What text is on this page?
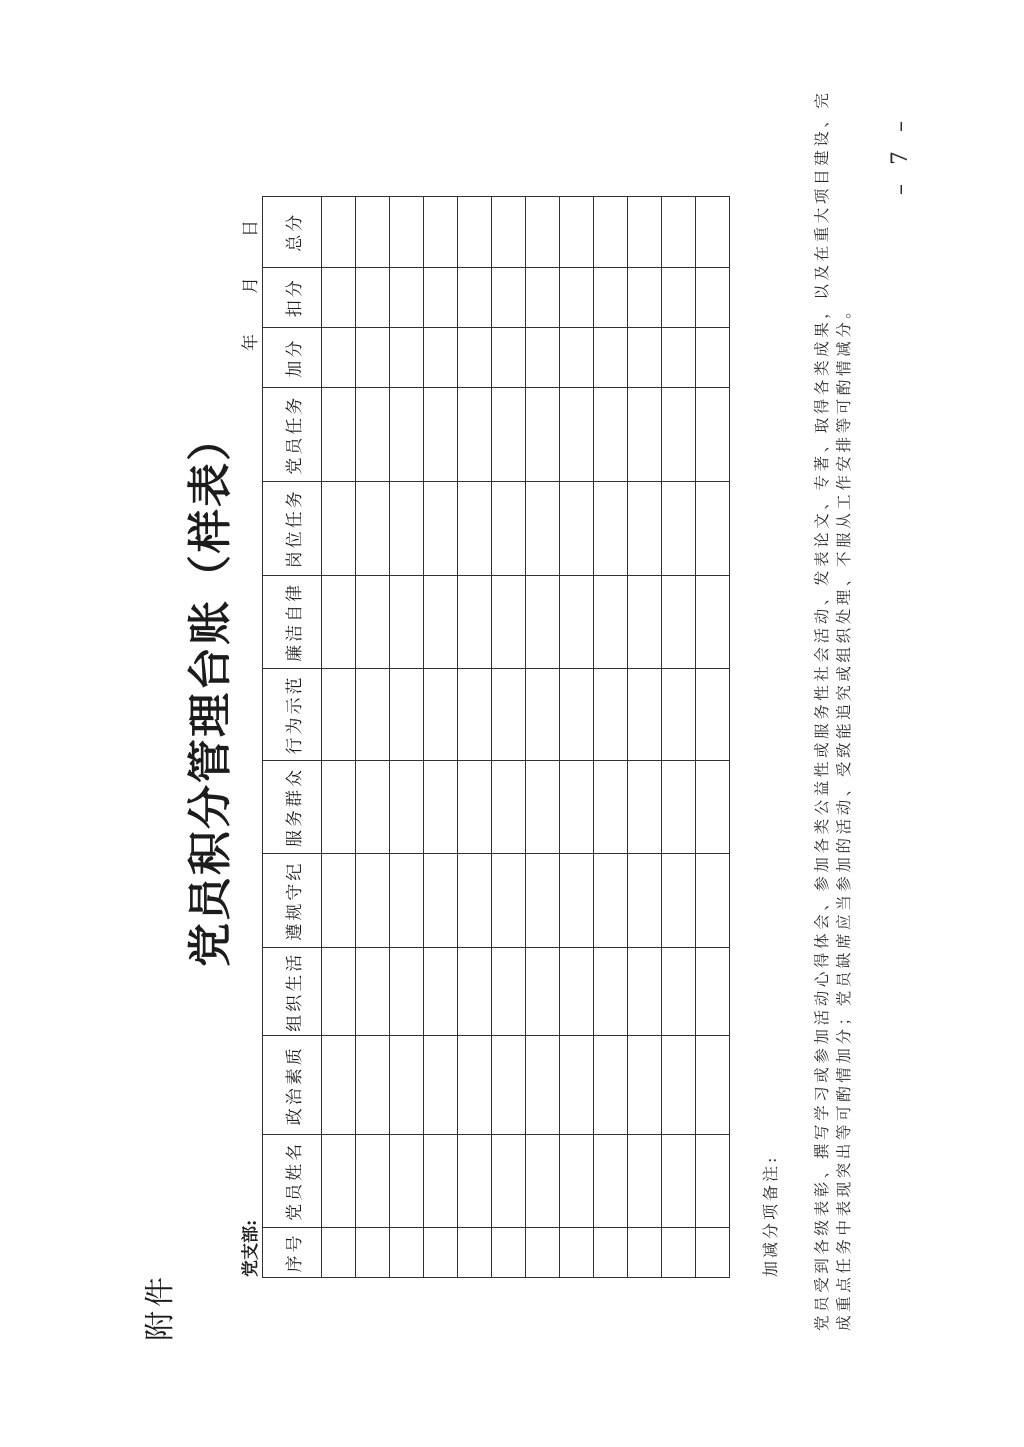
附件
党员积分管理台账（样表）
党支部:
年月日
序号	党员姓名	政治素质	组织生活	遵规守纪	服务群众	行为示范	廉洁自律	岗位任务	党员任务	加分	扣分	总分

加减分项备注: 党员受到各级表彰、撰写学习或参加活动心得体会、参加各类公益性或服务性社会活动、发表论文、专著、取得各类成果，以及在重大项目建设、完 成重点任务中表现突出等可酌情加分；党员缺席应当参加的活动、受致能追究或组织处理、不服从工作安排等可酌情减分。
– 7 –
